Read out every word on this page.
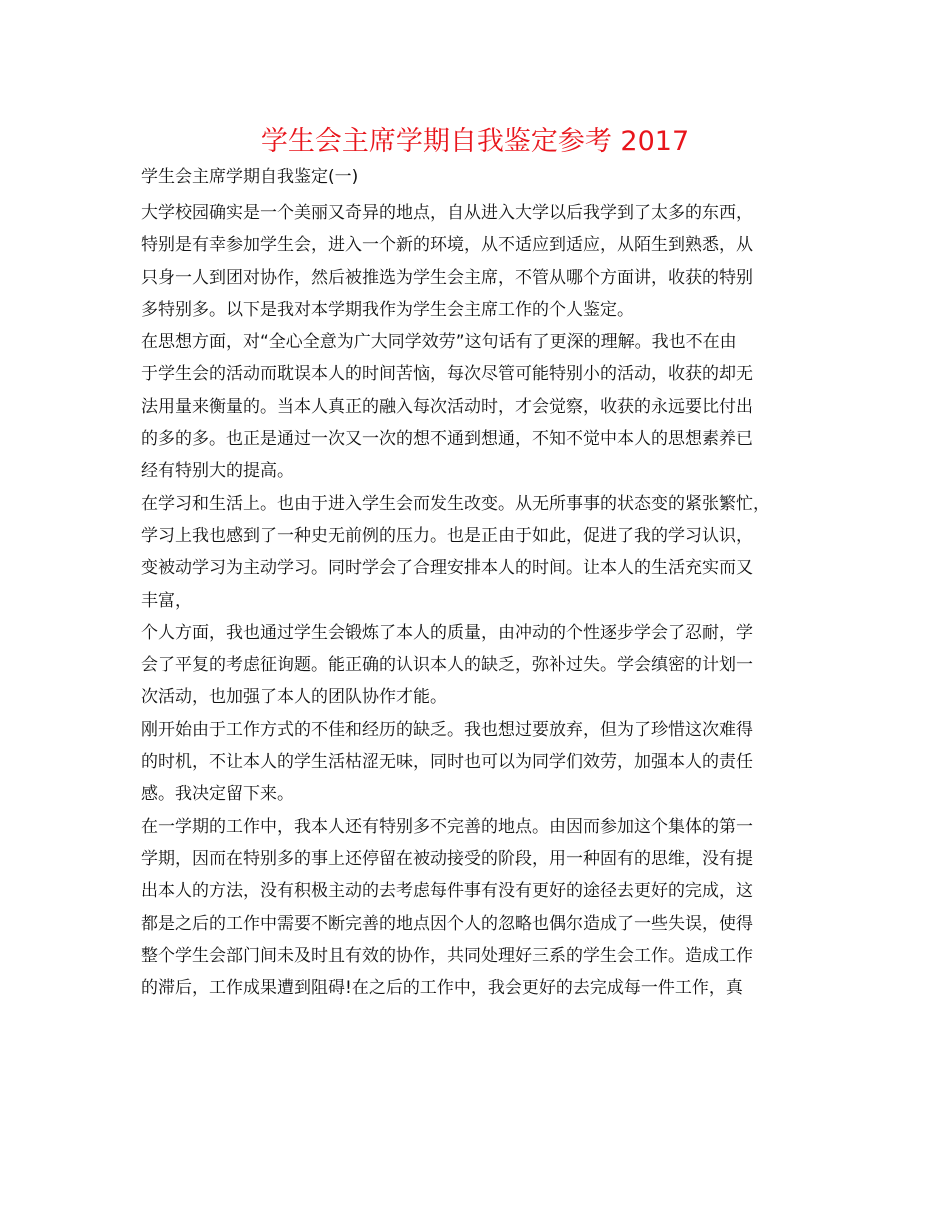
学生会主席学期自我鉴定参考 2017
学生会主席学期自我鉴定(一)
大学校园确实是一个美丽又奇异的地点，自从进入大学以后我学到了太多的东西，
特别是有幸参加学生会，进入一个新的环境，从不适应到适应，从陌生到熟悉，从
只身一人到团对协作，然后被推选为学生会主席，不管从哪个方面讲，收获的特别
多特别多。以下是我对本学期我作为学生会主席工作的个人鉴定。
在思想方面，对“全心全意为广大同学效劳”这句话有了更深的理解。我也不在由
于学生会的活动而耽误本人的时间苦恼，每次尽管可能特别小的活动，收获的却无
法用量来衡量的。当本人真正的融入每次活动时，才会觉察，收获的永远要比付出
的多的多。也正是通过一次又一次的想不通到想通，不知不觉中本人的思想素养已
经有特别大的提高。
在学习和生活上。也由于进入学生会而发生改变。从无所事事的状态变的紧张繁忙，
学习上我也感到了一种史无前例的压力。也是正由于如此，促进了我的学习认识，
变被动学习为主动学习。同时学会了合理安排本人的时间。让本人的生活充实而又
丰富，
个人方面，我也通过学生会锻炼了本人的质量，由冲动的个性逐步学会了忍耐，学
会了平复的考虑征询题。能正确的认识本人的缺乏，弥补过失。学会缜密的计划一
次活动，也加强了本人的团队协作才能。
刚开始由于工作方式的不佳和经历的缺乏。我也想过要放弃，但为了珍惜这次难得
的时机，不让本人的学生活枯涩无味，同时也可以为同学们效劳，加强本人的责任
感。我决定留下来。
在一学期的工作中，我本人还有特别多不完善的地点。由因而参加这个集体的第一
学期，因而在特别多的事上还停留在被动接受的阶段，用一种固有的思维，没有提
出本人的方法，没有积极主动的去考虑每件事有没有更好的途径去更好的完成，这
都是之后的工作中需要不断完善的地点因个人的忽略也偶尔造成了一些失误，使得
整个学生会部门间未及时且有效的协作，共同处理好三系的学生会工作。造成工作
的滞后，工作成果遭到阻碍!在之后的工作中，我会更好的去完成每一件工作，真
